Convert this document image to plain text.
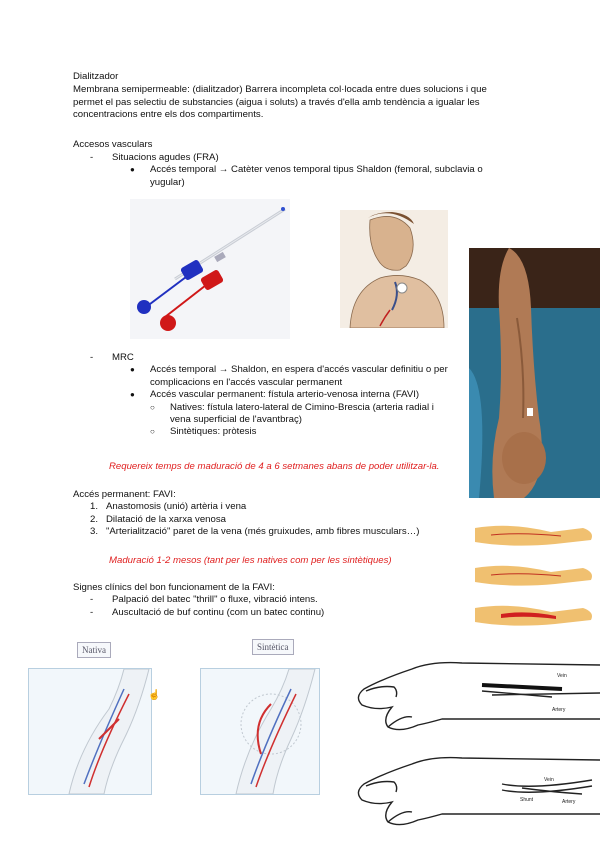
Dialitzador

Membrana semipermeable: (dialitzador) Barrera incompleta col·locada entre dues solucions i que

permet el pas selectiu de substancies (aigua i soluts) a través d'ella amb tendència a igualar les

concentracions entre els dos compartiments.

Accesos vasculars

- Situacions agudes (FRA)
● Accés temporal → Catèter venos temporal tipus Shaldon (femoral, subclavia o
yugular)
- MRC
● Accés temporal → Shaldon, en espera d'accés vascular definitiu o per
complicacions en l'accés vascular permanent
● Accés vascular permanent: fístula arterio-venosa interna (FAVI)
○ Natives: fístula latero-lateral de Cimino-Brescia (arteria radial i
vena superficial de l'avantbraç)
○ Sintètiques: pròtesis

Requereix temps de maduració de 4 a 6 setmanes abans de poder utilitzar-la.

Accés permanent: FAVI:

1. Anastomosis (unió) artèria i vena
2. Dilatació de la xarxa venosa
3. "Arterialització" paret de la vena (més gruixudes, amb fibres musculars…)

Maduració 1-2 mesos (tant per les natives com per les sintètiques)

Signes clínics del bon funcionament de la FAVI:

- Palpació del batec "thrill" o fluxe, vibració intens.
- Auscultació de buf continu (com un batec continu)
Nativa	Sintètica
☝
Vein
Artery
Vein
Shunt	Artery
